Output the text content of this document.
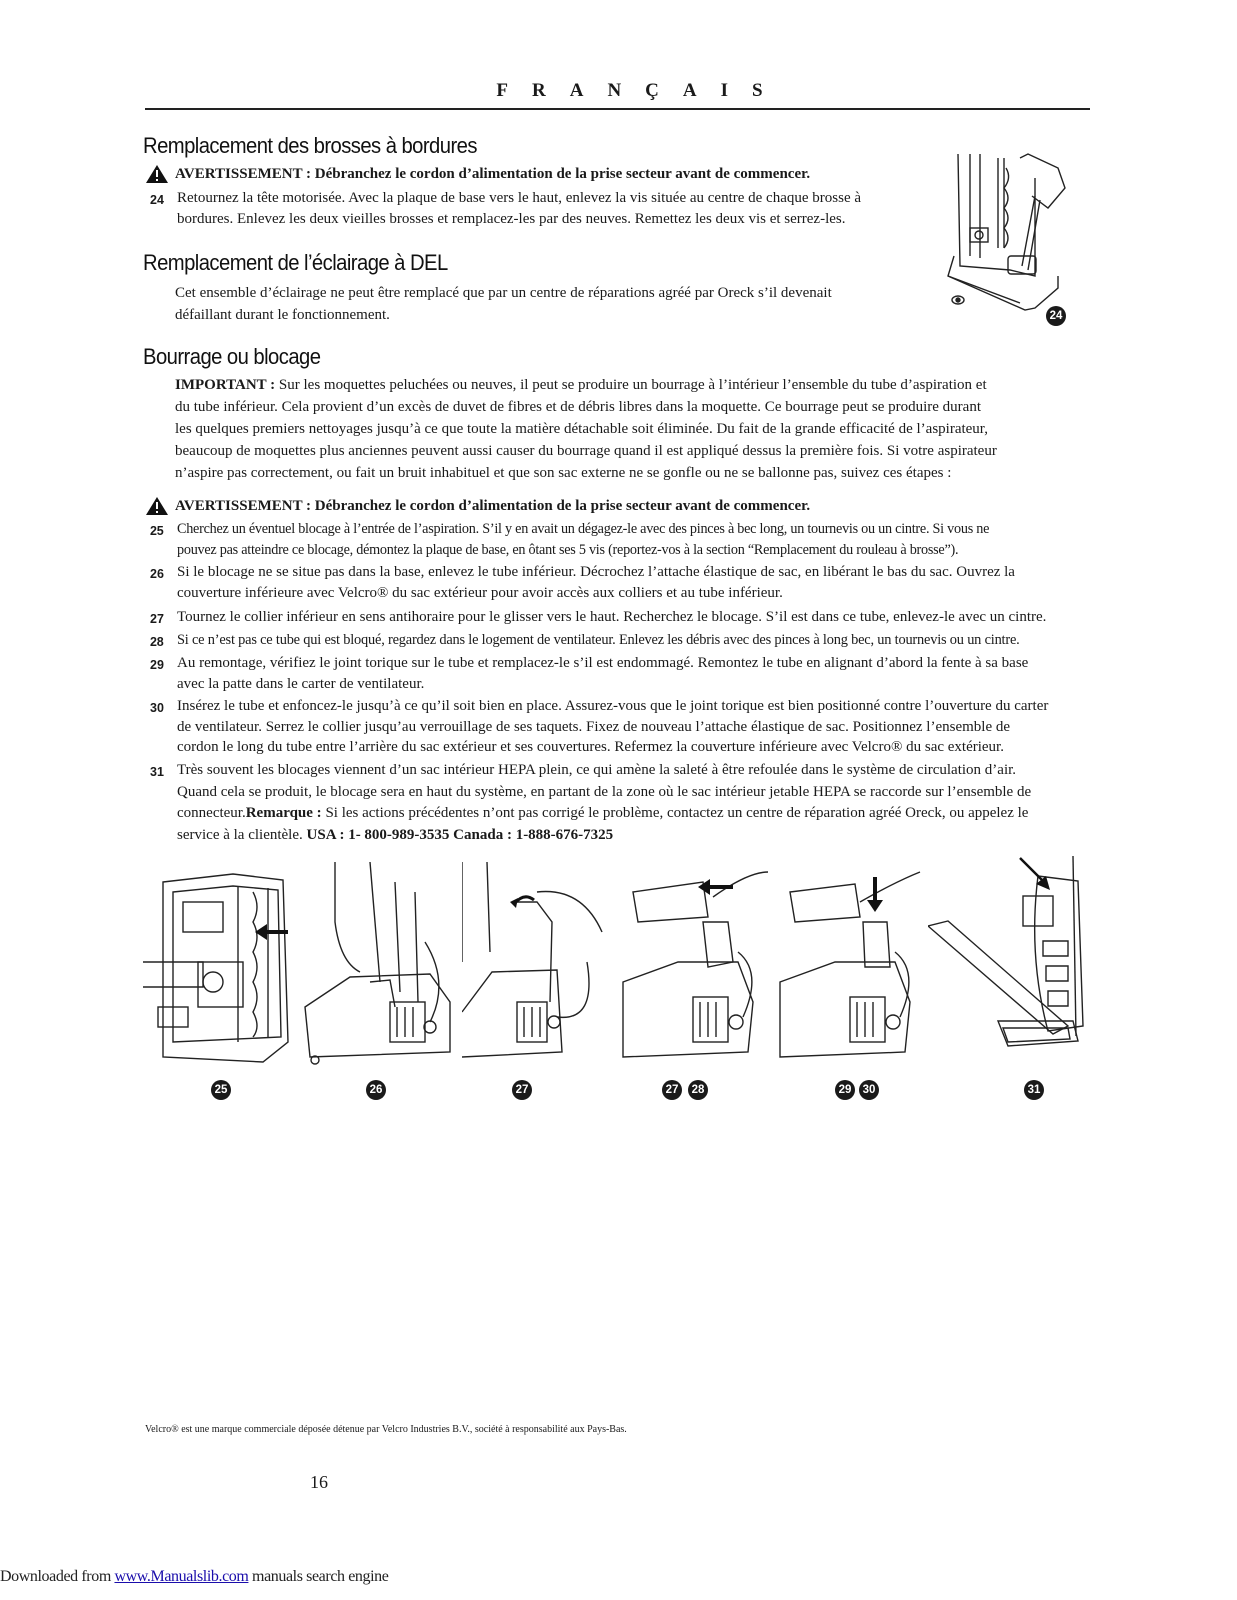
FRANÇAIS
Remplacement des brosses à bordures
AVERTISSEMENT : Débranchez le cordon d’alimentation de la prise secteur avant de commencer.
24 Retournez la tête motorisée. Avec la plaque de base vers le haut, enlevez la vis située au centre de chaque brosse à
bordures. Enlevez les deux vieilles brosses et remplacez-les par des neuves. Remettez les deux vis et serrez-les.
Remplacement de l’éclairage à DEL
Cet ensemble d’éclairage ne peut être remplacé que par un centre de réparations agréé par Oreck s’il devenait
défaillant durant le fonctionnement.	24
Bourrage ou blocage
IMPORTANT : Sur les moquettes peluchées ou neuves, il peut se produire un bourrage à l’intérieur l’ensemble du tube d’aspiration et
du tube inférieur. Cela provient d’un excès de duvet de fibres et de débris libres dans la moquette. Ce bourrage peut se produire durant
les quelques premiers nettoyages jusqu’à ce que toute la matière détachable soit éliminée. Du fait de la grande efficacité de l’aspirateur,
beaucoup de moquettes plus anciennes peuvent aussi causer du bourrage quand il est appliqué dessus la première fois. Si votre aspirateur
n’aspire pas correctement, ou fait un bruit inhabituel et que son sac externe ne se gonfle ou ne se ballonne pas, suivez ces étapes :
AVERTISSEMENT : Débranchez le cordon d’alimentation de la prise secteur avant de commencer.
25 Cherchez un éventuel blocage à l’entrée de l’aspiration. S’il y en avait un dégagez-le avec des pinces à bec long, un tournevis ou un cintre. Si vous ne
pouvez pas atteindre ce blocage, démontez la plaque de base, en ôtant ses 5 vis (reportez-vos à la section “Remplacement du rouleau à brosse”).
26 Si le blocage ne se situe pas dans la base, enlevez le tube inférieur. Décrochez l’attache élastique de sac, en libérant le bas du sac. Ouvrez la
couverture inférieure avec Velcro® du sac extérieur pour avoir accès aux colliers et au tube inférieur.
27 Tournez le collier inférieur en sens antihoraire pour le glisser vers le haut. Recherchez le blocage. S’il est dans ce tube, enlevez-le avec un cintre.
28 Si ce n’est pas ce tube qui est bloqué, regardez dans le logement de ventilateur. Enlevez les débris avec des pinces à long bec, un tournevis ou un cintre.
29 Au remontage, vérifiez le joint torique sur le tube et remplacez-le s’il est endommagé. Remontez le tube en alignant d’abord la fente à sa base
avec la patte dans le carter de ventilateur.
30 Insérez le tube et enfoncez-le jusqu’à ce qu’il soit bien en place. Assurez-vous que le joint torique est bien positionné contre l’ouverture du carter
de ventilateur. Serrez le collier jusqu’au verrouillage de ses taquets. Fixez de nouveau l’attache élastique de sac. Positionnez l’ensemble de
cordon le long du tube entre l’arrière du sac extérieur et ses couvertures. Refermez la couverture inférieure avec Velcro® du sac extérieur.
31 Très souvent les blocages viennent d’un sac intérieur HEPA plein, ce qui amène la saleté à être refoulée dans le système de circulation d’air.
Quand cela se produit, le blocage sera en haut du système, en partant de la zone où le sac intérieur jetable HEPA se raccorde sur l’ensemble de
connecteur.Remarque : Si les actions précédentes n’ont pas corrigé le problème, contactez un centre de réparation agréé Oreck, ou appelez le
service à la clientèle. USA : 1- 800-989-3535 Canada : 1-888-676-7325
25	26	27	27	28	29 30	31
Velcro® est une marque commerciale déposée détenue par Velcro Industries B.V., société à responsabilité aux Pays-Bas.
16
Downloaded from www.Manualslib.com manuals search engine
